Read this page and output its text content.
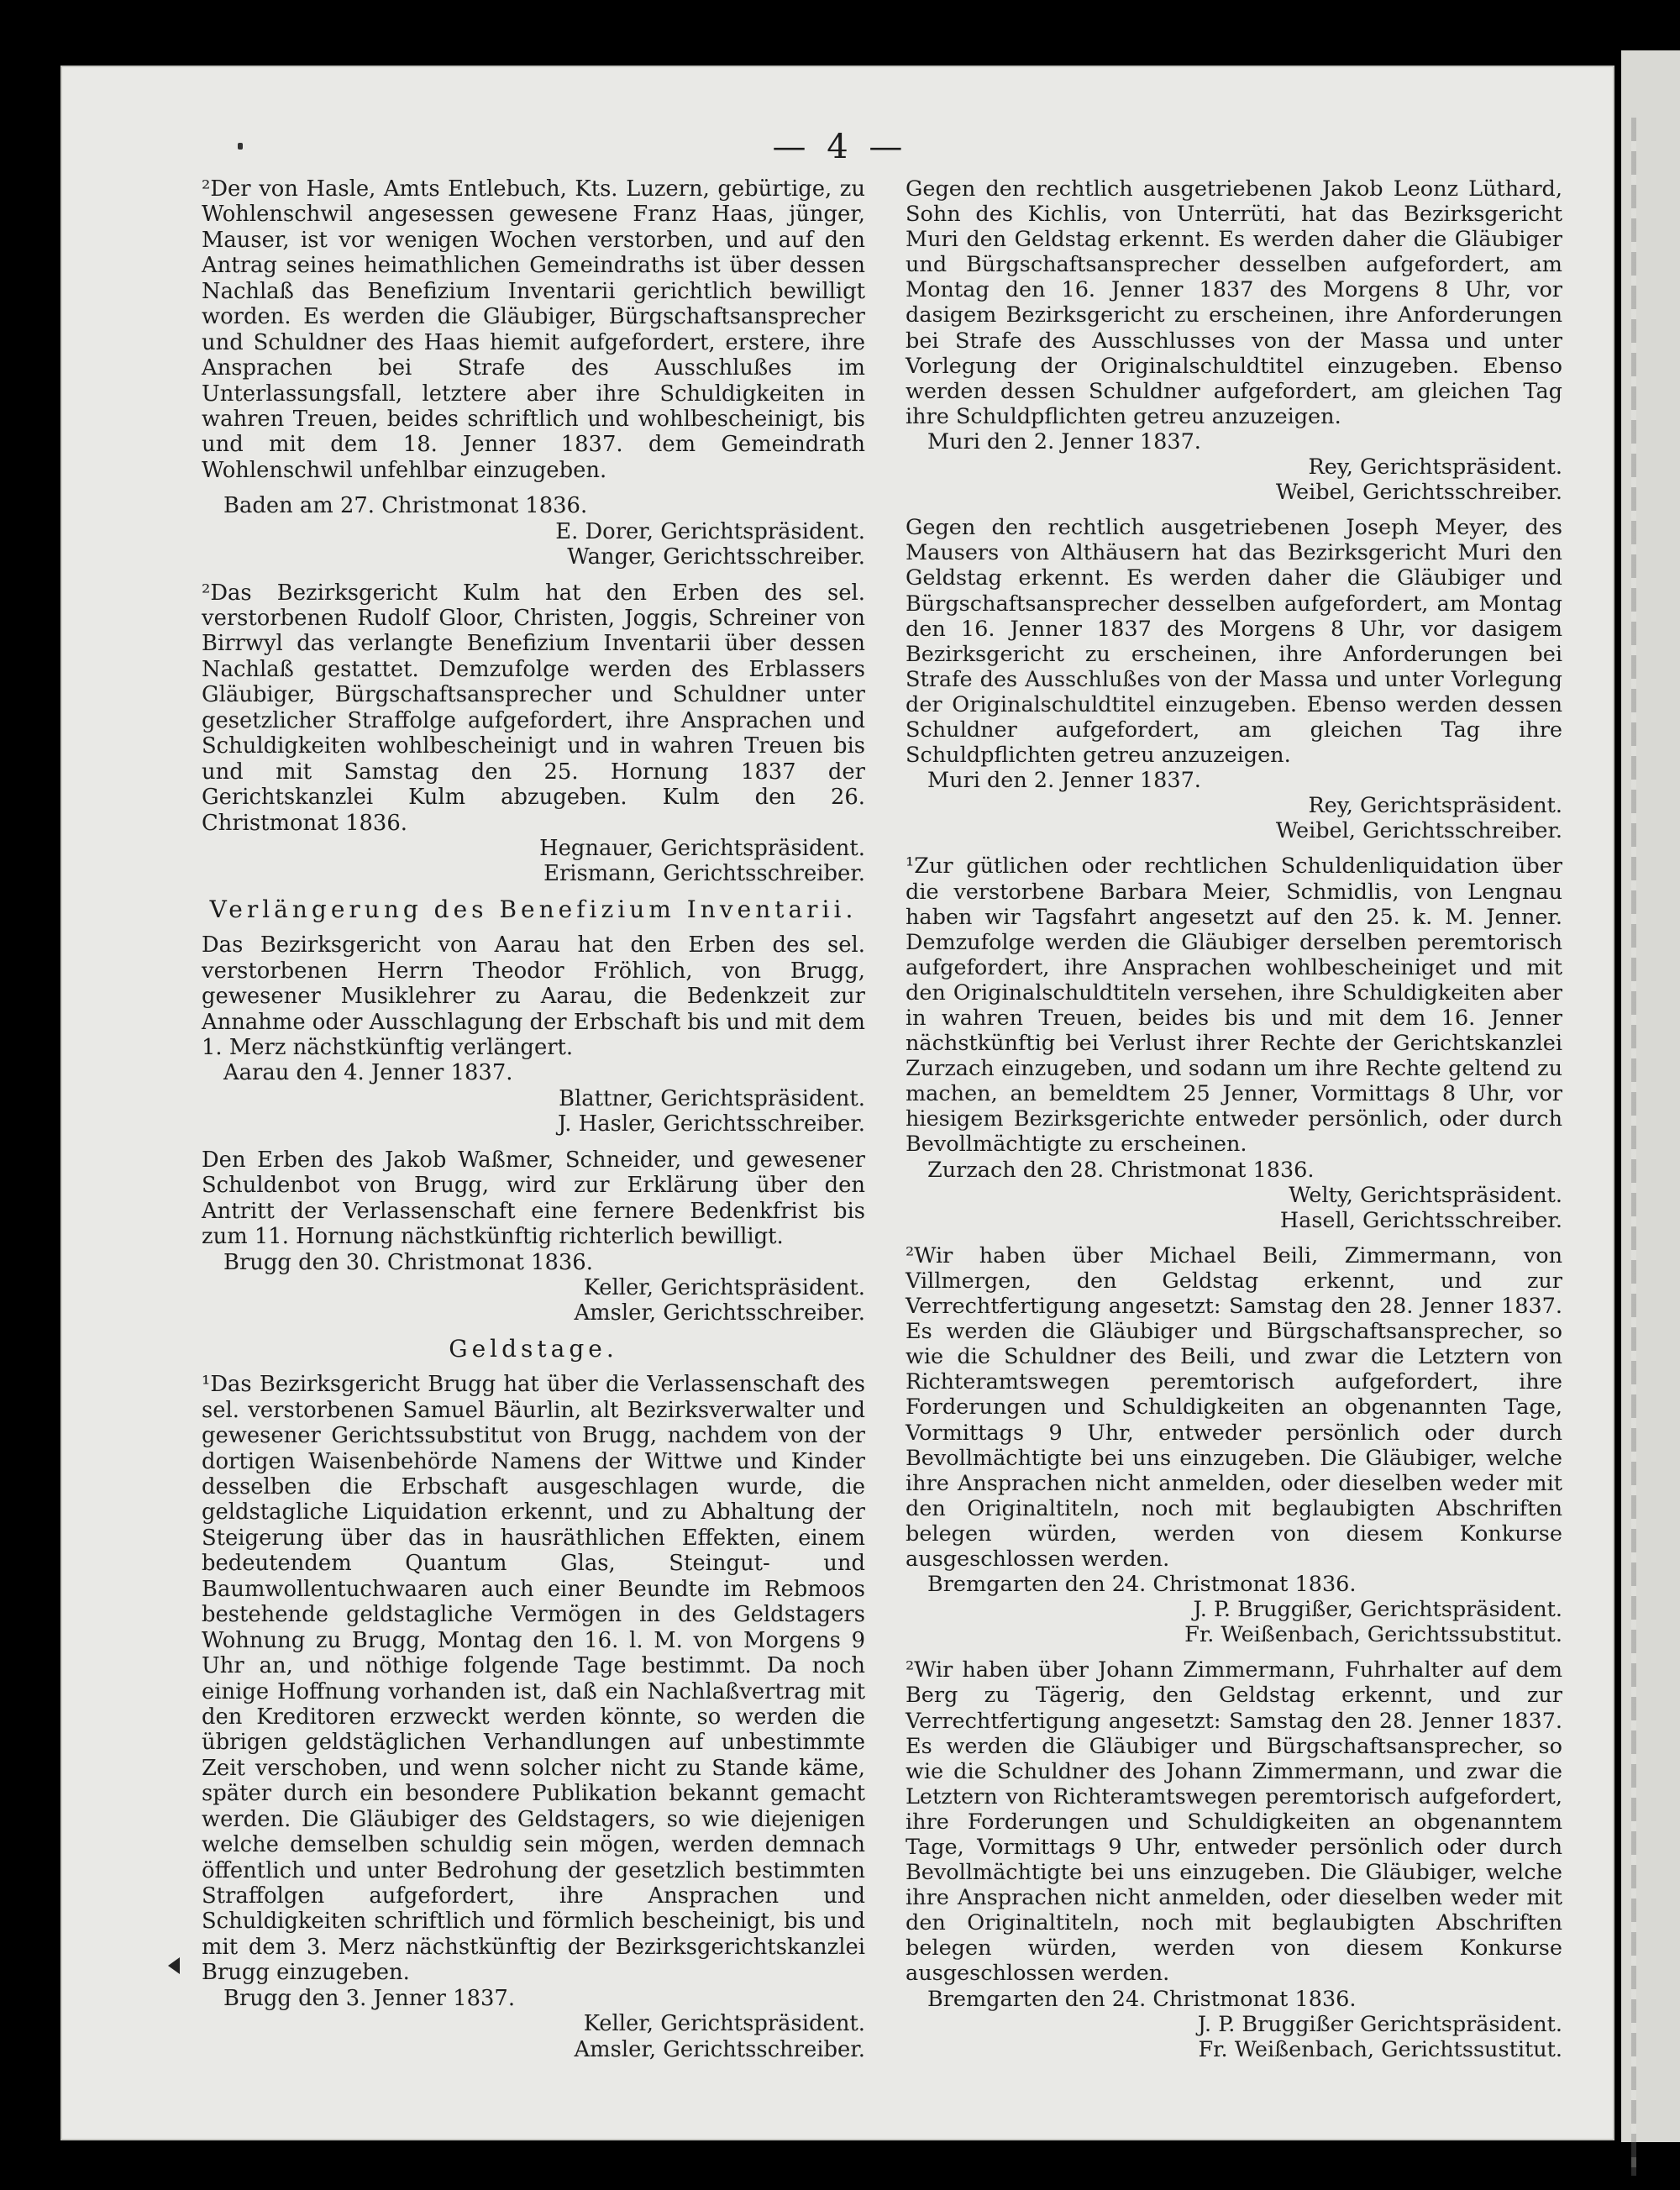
— 4 —

²Der von Hasle, Amts Entlebuch, Kts. Luzern, gebürtige, zu Wohlenschwil angesessen gewesene Franz Haas, jünger, Mauser, ist vor wenigen Wochen verstorben, und auf den Antrag seines heimathlichen Gemeindraths ist über dessen Nachlaß das Benefizium Inventarii gerichtlich bewilligt worden. Es werden die Gläubiger, Bürgschaftsansprecher und Schuldner des Haas hiemit aufgefordert, erstere, ihre Ansprachen bei Strafe des Ausschlußes im Unterlassungsfall, letztere aber ihre Schuldigkeiten in wahren Treuen, beides schriftlich und wohlbescheinigt, bis und mit dem 18. Jenner 1837. dem Gemeindrath Wohlenschwil unfehlbar einzugeben.

Baden am 27. Christmonat 1836.

E. Dorer, Gerichtspräsident.

Wanger, Gerichtsschreiber.

²Das Bezirksgericht Kulm hat den Erben des sel. verstorbenen Rudolf Gloor, Christen, Joggis, Schreiner von Birrwyl das verlangte Benefizium Inventarii über dessen Nachlaß gestattet. Demzufolge werden des Erblassers Gläubiger, Bürgschaftsansprecher und Schuldner unter gesetzlicher Straffolge aufgefordert, ihre Ansprachen und Schuldigkeiten wohlbescheinigt und in wahren Treuen bis und mit Samstag den 25. Hornung 1837 der Gerichtskanzlei Kulm abzugeben. Kulm den 26. Christmonat 1836.

Hegnauer, Gerichtspräsident.

Erismann, Gerichtsschreiber.

Verlängerung des Benefizium Inventarii.

Das Bezirksgericht von Aarau hat den Erben des sel. verstorbenen Herrn Theodor Fröhlich, von Brugg, gewesener Musiklehrer zu Aarau, die Bedenkzeit zur Annahme oder Ausschlagung der Erbschaft bis und mit dem 1. Merz nächstkünftig verlängert.

Aarau den 4. Jenner 1837.

Blattner, Gerichtspräsident.

J. Hasler, Gerichtsschreiber.

Den Erben des Jakob Waßmer, Schneider, und gewesener Schuldenbot von Brugg, wird zur Erklärung über den Antritt der Verlassenschaft eine fernere Bedenkfrist bis zum 11. Hornung nächstkünftig richterlich bewilligt.

Brugg den 30. Christmonat 1836.

Keller, Gerichtspräsident.

Amsler, Gerichtsschreiber.

Geldstage.

¹Das Bezirksgericht Brugg hat über die Verlassenschaft des sel. verstorbenen Samuel Bäurlin, alt Bezirksverwalter und gewesener Gerichtssubstitut von Brugg, nachdem von der dortigen Waisenbehörde Namens der Wittwe und Kinder desselben die Erbschaft ausgeschlagen wurde, die geldstagliche Liquidation erkennt, und zu Abhaltung der Steigerung über das in hausräthlichen Effekten, einem bedeutendem Quantum Glas, Steingut- und Baumwollentuchwaaren auch einer Beundte im Rebmoos bestehende geldstagliche Vermögen in des Geldstagers Wohnung zu Brugg, Montag den 16. l. M. von Morgens 9 Uhr an, und nöthige folgende Tage bestimmt. Da noch einige Hoffnung vorhanden ist, daß ein Nachlaßvertrag mit den Kreditoren erzweckt werden könnte, so werden die übrigen geldstäglichen Verhandlungen auf unbestimmte Zeit verschoben, und wenn solcher nicht zu Stande käme, später durch ein besondere Publikation bekannt gemacht werden. Die Gläubiger des Geldstagers, so wie diejenigen welche demselben schuldig sein mögen, werden demnach öffentlich und unter Bedrohung der gesetzlich bestimmten Straffolgen aufgefordert, ihre Ansprachen und Schuldigkeiten schriftlich und förmlich bescheinigt, bis und mit dem 3. Merz nächstkünftig der Bezirksgerichtskanzlei Brugg einzugeben.

Brugg den 3. Jenner 1837.

Keller, Gerichtspräsident.

Amsler, Gerichtsschreiber.

Gegen den rechtlich ausgetriebenen Jakob Leonz Lüthard, Sohn des Kichlis, von Unterrüti, hat das Bezirksgericht Muri den Geldstag erkennt. Es werden daher die Gläubiger und Bürgschaftsansprecher desselben aufgefordert, am Montag den 16. Jenner 1837 des Morgens 8 Uhr, vor dasigem Bezirksgericht zu erscheinen, ihre Anforderungen bei Strafe des Ausschlusses von der Massa und unter Vorlegung der Originalschuldtitel einzugeben. Ebenso werden dessen Schuldner aufgefordert, am gleichen Tag ihre Schuldpflichten getreu anzuzeigen.

Muri den 2. Jenner 1837.

Rey, Gerichtspräsident.

Weibel, Gerichtsschreiber.

Gegen den rechtlich ausgetriebenen Joseph Meyer, des Mausers von Althäusern hat das Bezirksgericht Muri den Geldstag erkennt. Es werden daher die Gläubiger und Bürgschaftsansprecher desselben aufgefordert, am Montag den 16. Jenner 1837 des Morgens 8 Uhr, vor dasigem Bezirksgericht zu erscheinen, ihre Anforderungen bei Strafe des Ausschlußes von der Massa und unter Vorlegung der Originalschuldtitel einzugeben. Ebenso werden dessen Schuldner aufgefordert, am gleichen Tag ihre Schuldpflichten getreu anzuzeigen.

Muri den 2. Jenner 1837.

Rey, Gerichtspräsident.

Weibel, Gerichtsschreiber.

¹Zur gütlichen oder rechtlichen Schuldenliquidation über die verstorbene Barbara Meier, Schmidlis, von Lengnau haben wir Tagsfahrt angesetzt auf den 25. k. M. Jenner. Demzufolge werden die Gläubiger derselben peremtorisch aufgefordert, ihre Ansprachen wohlbescheiniget und mit den Originalschuldtiteln versehen, ihre Schuldigkeiten aber in wahren Treuen, beides bis und mit dem 16. Jenner nächstkünftig bei Verlust ihrer Rechte der Gerichtskanzlei Zurzach einzugeben, und sodann um ihre Rechte geltend zu machen, an bemeldtem 25 Jenner, Vormittags 8 Uhr, vor hiesigem Bezirksgerichte entweder persönlich, oder durch Bevollmächtigte zu erscheinen.

Zurzach den 28. Christmonat 1836.

Welty, Gerichtspräsident.

Hasell, Gerichtsschreiber.

²Wir haben über Michael Beili, Zimmermann, von Villmergen, den Geldstag erkennt, und zur Verrechtfertigung angesetzt: Samstag den 28. Jenner 1837. Es werden die Gläubiger und Bürgschaftsansprecher, so wie die Schuldner des Beili, und zwar die Letztern von Richteramtswegen peremtorisch aufgefordert, ihre Forderungen und Schuldigkeiten an obgenannten Tage, Vormittags 9 Uhr, entweder persönlich oder durch Bevollmächtigte bei uns einzugeben. Die Gläubiger, welche ihre Ansprachen nicht anmelden, oder dieselben weder mit den Originaltiteln, noch mit beglaubigten Abschriften belegen würden, werden von diesem Konkurse ausgeschlossen werden.

Bremgarten den 24. Christmonat 1836.

J. P. Bruggißer, Gerichtspräsident.

Fr. Weißenbach, Gerichtssubstitut.

²Wir haben über Johann Zimmermann, Fuhrhalter auf dem Berg zu Tägerig, den Geldstag erkennt, und zur Verrechtfertigung angesetzt: Samstag den 28. Jenner 1837. Es werden die Gläubiger und Bürgschaftsansprecher, so wie die Schuldner des Johann Zimmermann, und zwar die Letztern von Richteramtswegen peremtorisch aufgefordert, ihre Forderungen und Schuldigkeiten an obgenanntem Tage, Vormittags 9 Uhr, entweder persönlich oder durch Bevollmächtigte bei uns einzugeben. Die Gläubiger, welche ihre Ansprachen nicht anmelden, oder dieselben weder mit den Originaltiteln, noch mit beglaubigten Abschriften belegen würden, werden von diesem Konkurse ausgeschlossen werden.

Bremgarten den 24. Christmonat 1836.

J. P. Bruggißer Gerichtspräsident.

Fr. Weißenbach, Gerichtssustitut.
